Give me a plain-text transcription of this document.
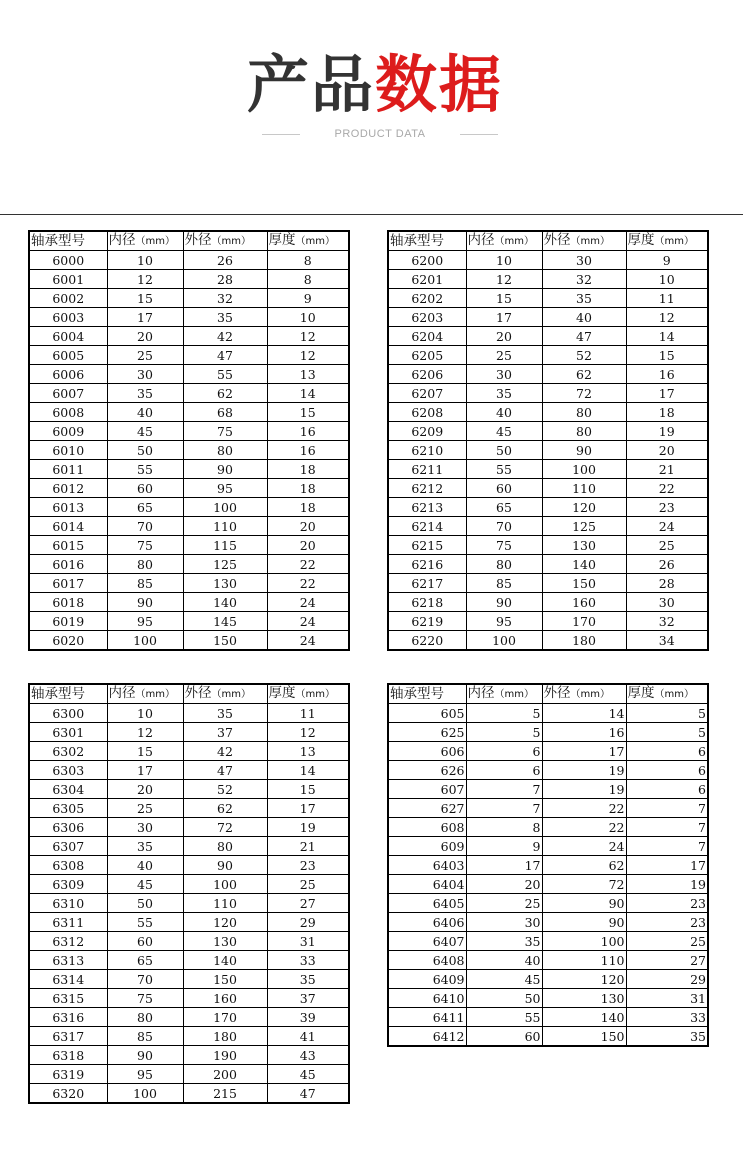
产品数据
PRODUCT DATA
轴承型号	内径（mm）	外径（mm）	厚度（mm）
6000	10	26	8
6001	12	28	8
6002	15	32	9
6003	17	35	10
6004	20	42	12
6005	25	47	12
6006	30	55	13
6007	35	62	14
6008	40	68	15
6009	45	75	16
6010	50	80	16
6011	55	90	18
6012	60	95	18
6013	65	100	18
6014	70	110	20
6015	75	115	20
6016	80	125	22
6017	85	130	22
6018	90	140	24
6019	95	145	24
6020	100	150	24
轴承型号	内径（mm）	外径（mm）	厚度（mm）
6200	10	30	9
6201	12	32	10
6202	15	35	11
6203	17	40	12
6204	20	47	14
6205	25	52	15
6206	30	62	16
6207	35	72	17
6208	40	80	18
6209	45	80	19
6210	50	90	20
6211	55	100	21
6212	60	110	22
6213	65	120	23
6214	70	125	24
6215	75	130	25
6216	80	140	26
6217	85	150	28
6218	90	160	30
6219	95	170	32
6220	100	180	34
轴承型号	内径（mm）	外径（mm）	厚度（mm）
6300	10	35	11
6301	12	37	12
6302	15	42	13
6303	17	47	14
6304	20	52	15
6305	25	62	17
6306	30	72	19
6307	35	80	21
6308	40	90	23
6309	45	100	25
6310	50	110	27
6311	55	120	29
6312	60	130	31
6313	65	140	33
6314	70	150	35
6315	75	160	37
6316	80	170	39
6317	85	180	41
6318	90	190	43
6319	95	200	45
6320	100	215	47
轴承型号	内径（mm）	外径（mm）	厚度（mm）
605	5	14	5
625	5	16	5
606	6	17	6
626	6	19	6
607	7	19	6
627	7	22	7
608	8	22	7
609	9	24	7
6403	17	62	17
6404	20	72	19
6405	25	90	23
6406	30	90	23
6407	35	100	25
6408	40	110	27
6409	45	120	29
6410	50	130	31
6411	55	140	33
6412	60	150	35
